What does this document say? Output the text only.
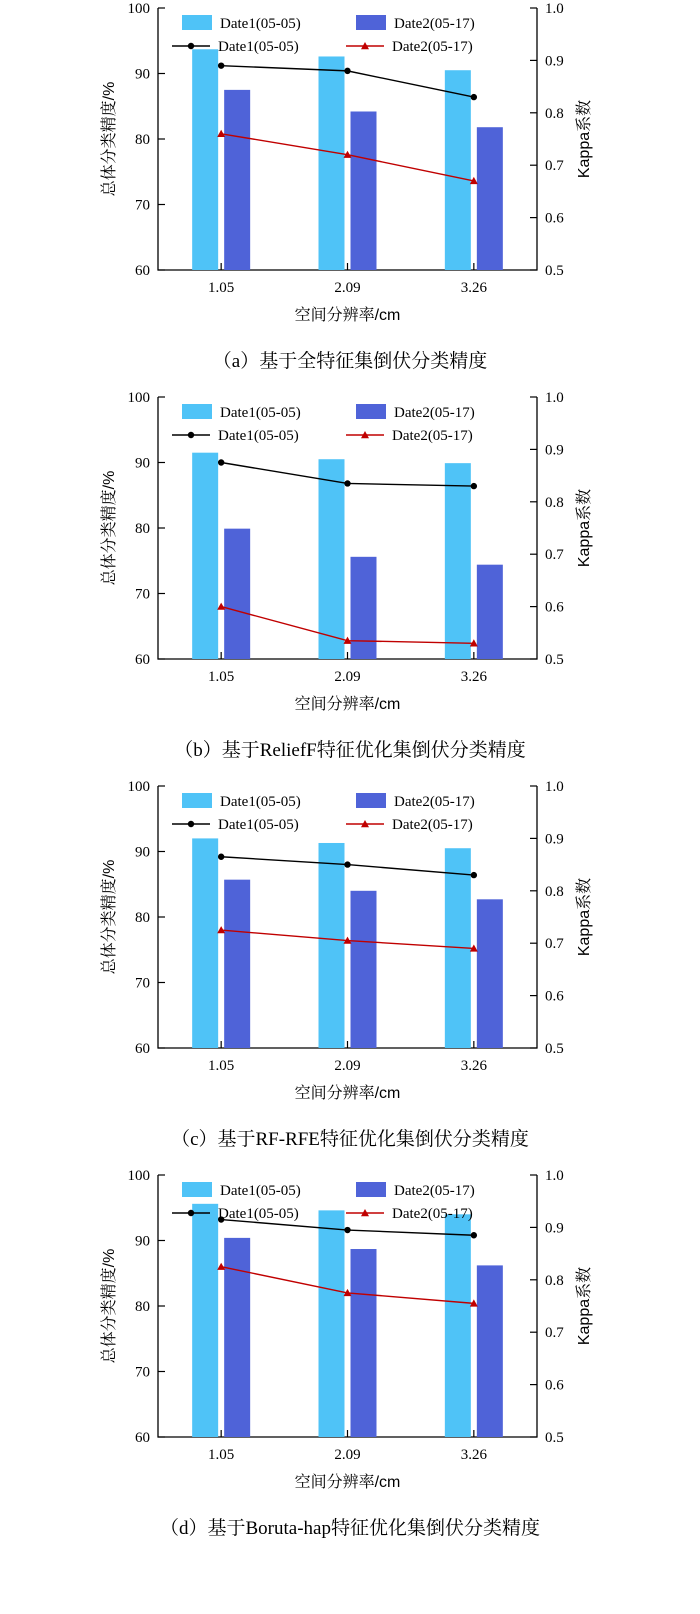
60
70
80
90
100
0.5
0.6
0.7
0.8
0.9
1.0
1.05	2.09	3.26
空间分辨率/cm
总体分类精度/%	Kappa系数
Date1(05-05)	Date2(05-17)
Date1(05-05)	Date2(05-17)
（a）基于全特征集倒伏分类精度
60
70
80
90
100
0.5
0.6
0.7
0.8
0.9
1.0
1.05	2.09	3.26
空间分辨率/cm
总体分类精度/%	Kappa系数
Date1(05-05)	Date2(05-17)
Date1(05-05)	Date2(05-17)
（b）基于ReliefF特征优化集倒伏分类精度
60
70
80
90
100
0.5
0.6
0.7
0.8
0.9
1.0
1.05	2.09	3.26
空间分辨率/cm
总体分类精度/%	Kappa系数
Date1(05-05)	Date2(05-17)
Date1(05-05)	Date2(05-17)
（c）基于RF-RFE特征优化集倒伏分类精度
60
70
80
90
100
0.5
0.6
0.7
0.8
0.9
1.0
1.05	2.09	3.26
空间分辨率/cm
总体分类精度/%	Kappa系数
Date1(05-05)	Date2(05-17)
Date1(05-05)	Date2(05-17)
（d）基于Boruta-hap特征优化集倒伏分类精度
